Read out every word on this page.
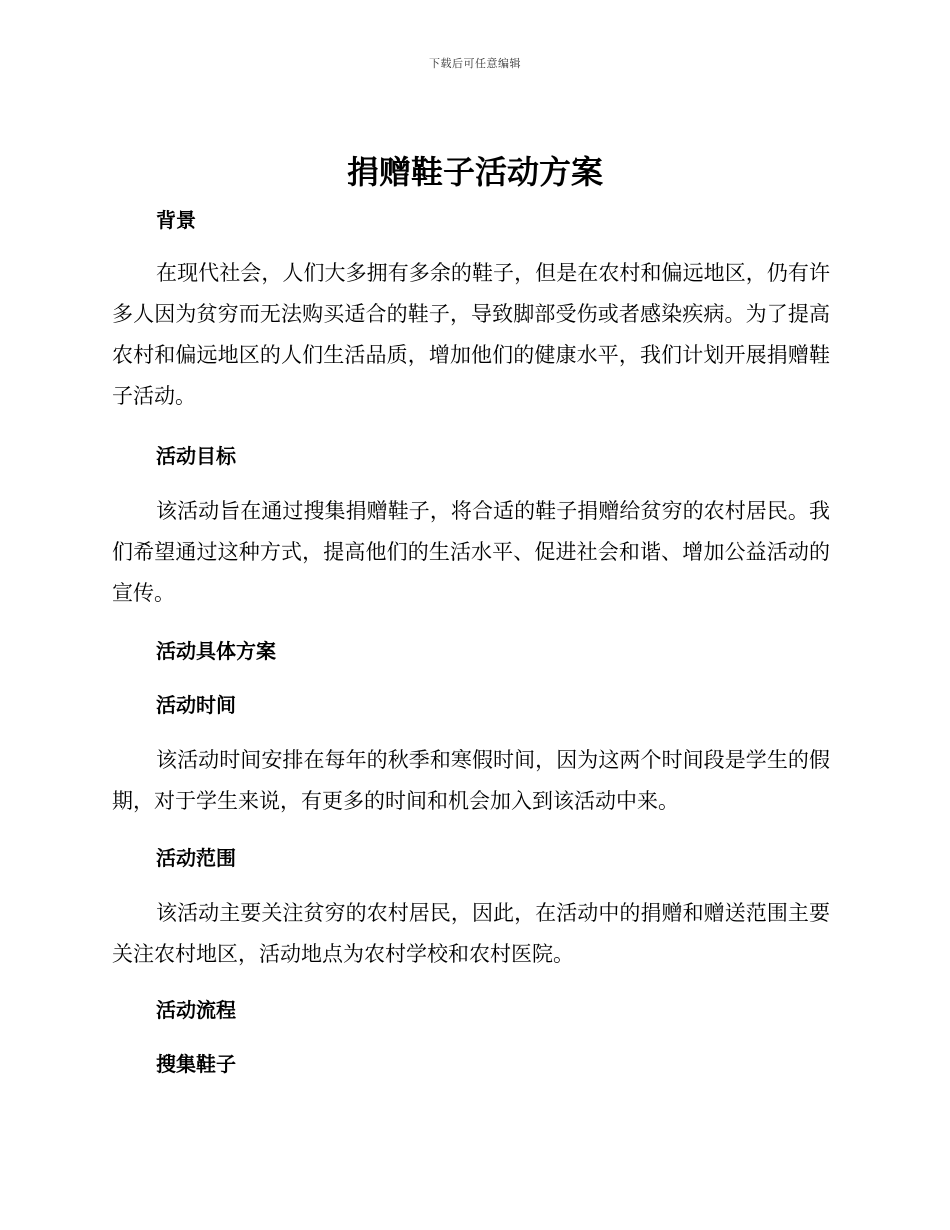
下载后可任意编辑
捐赠鞋子活动方案
背景

在现代社会，人们大多拥有多余的鞋子，但是在农村和偏远地区，仍有许多人因为贫穷而无法购买适合的鞋子，导致脚部受伤或者感染疾病。为了提高农村和偏远地区的人们生活品质，增加他们的健康水平，我们计划开展捐赠鞋子活动。

活动目标

该活动旨在通过搜集捐赠鞋子，将合适的鞋子捐赠给贫穷的农村居民。我们希望通过这种方式，提高他们的生活水平、促进社会和谐、增加公益活动的宣传。

活动具体方案
活动时间

该活动时间安排在每年的秋季和寒假时间，因为这两个时间段是学生的假期，对于学生来说，有更多的时间和机会加入到该活动中来。

活动范围

该活动主要关注贫穷的农村居民，因此，在活动中的捐赠和赠送范围主要关注农村地区，活动地点为农村学校和农村医院。

活动流程
搜集鞋子
